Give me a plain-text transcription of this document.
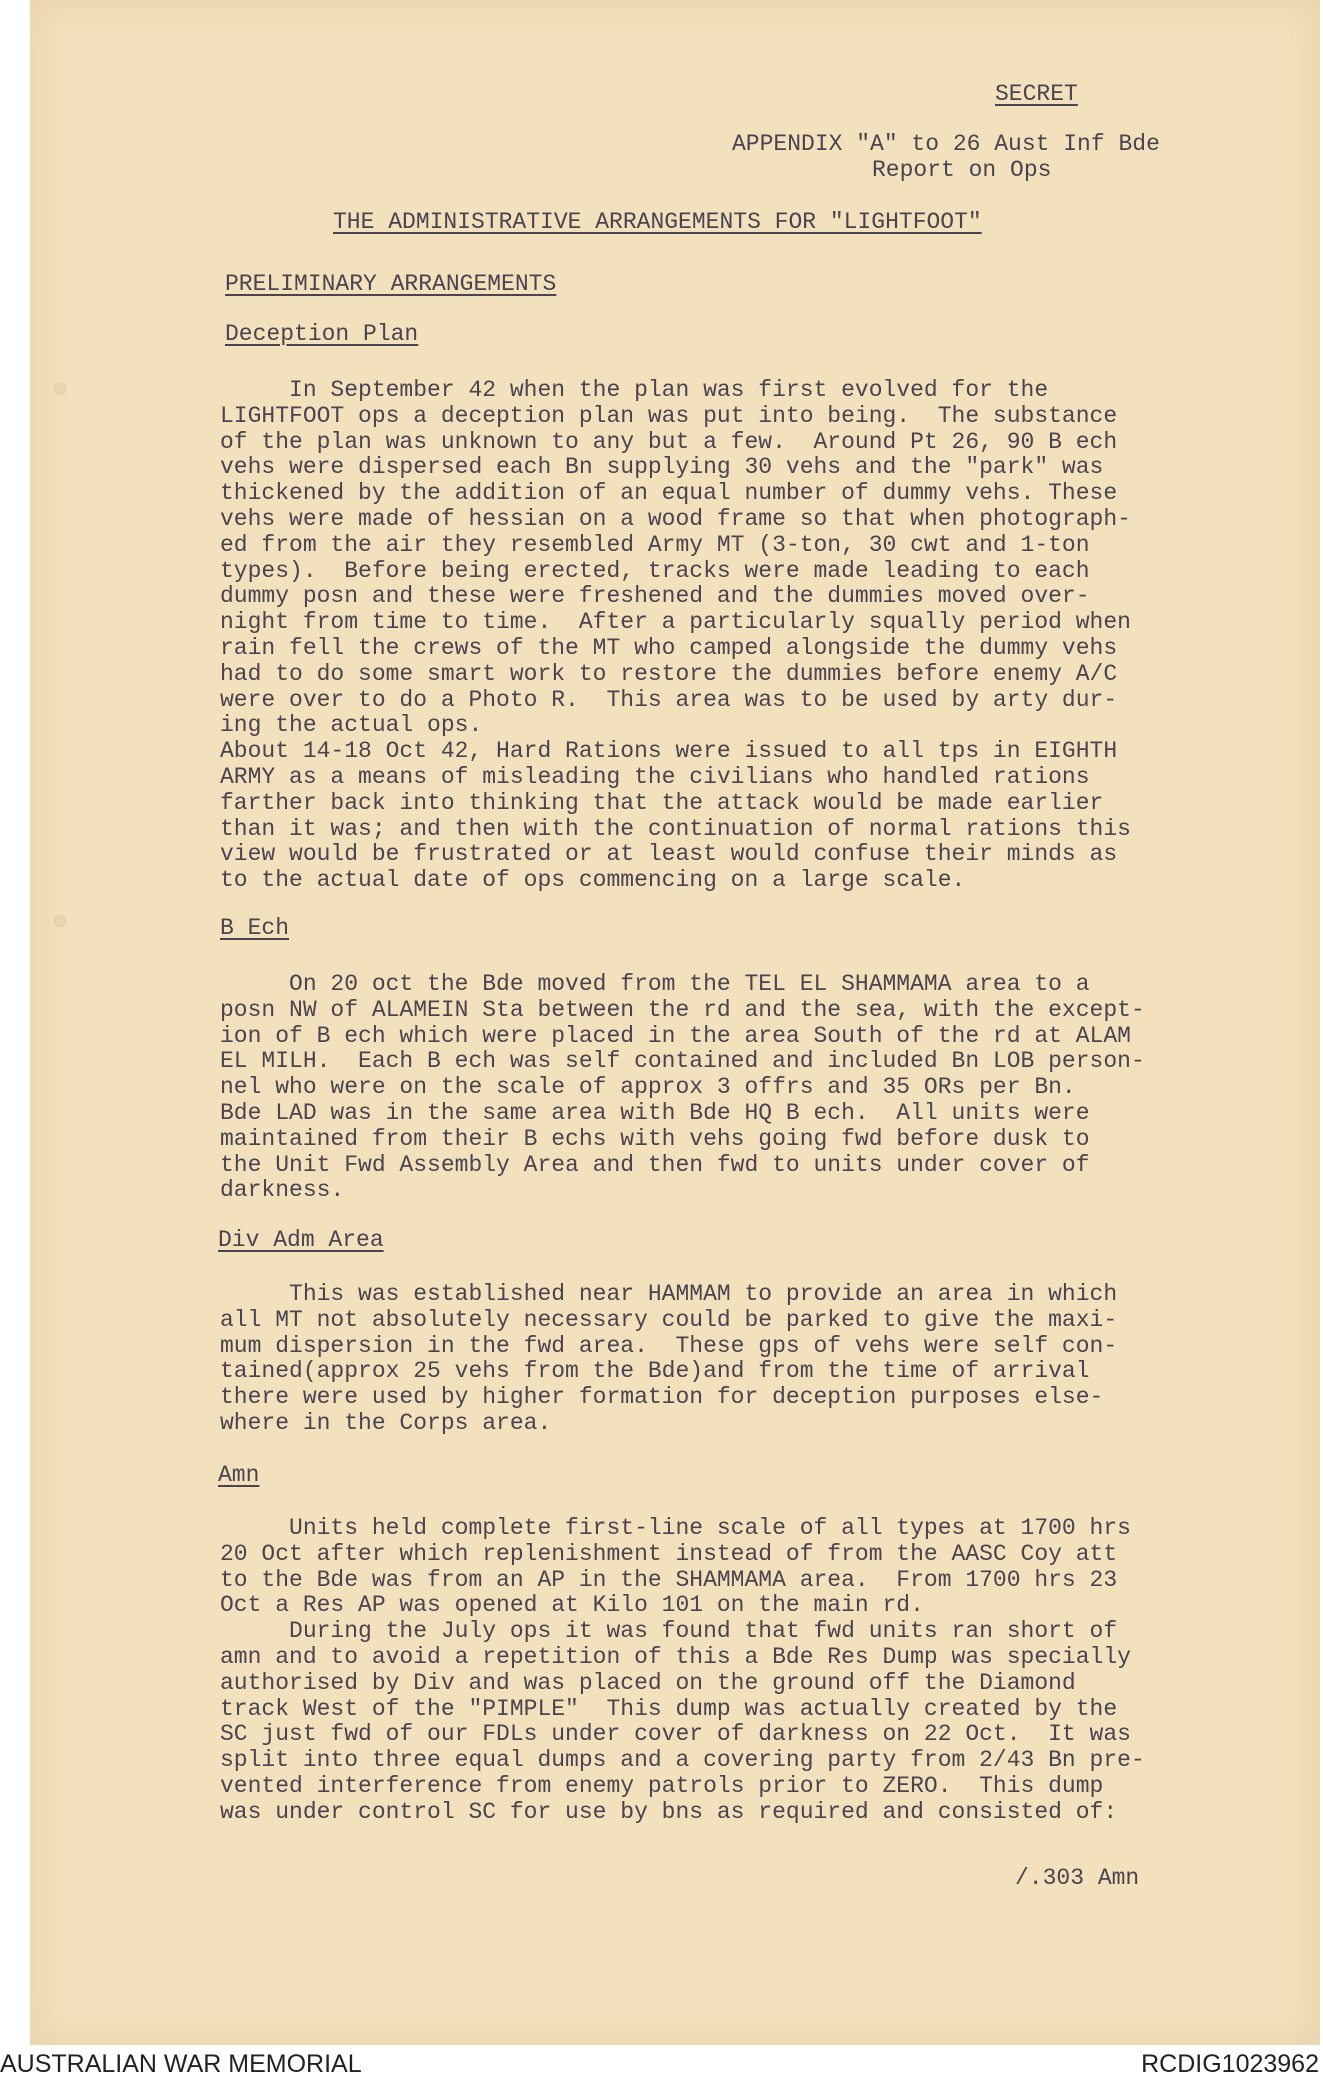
SECRET
APPENDIX "A" to 26 Aust Inf Bde
Report on Ops
THE ADMINISTRATIVE ARRANGEMENTS FOR "LIGHTFOOT"
PRELIMINARY ARRANGEMENTS
Deception Plan
In September 42 when the plan was first evolved for the
LIGHTFOOT ops a deception plan was put into being.  The substance
of the plan was unknown to any but a few.  Around Pt 26, 90 B ech
vehs were dispersed each Bn supplying 30 vehs and the "park" was
thickened by the addition of an equal number of dummy vehs. These
vehs were made of hessian on a wood frame so that when photograph-
ed from the air they resembled Army MT (3-ton, 30 cwt and 1-ton
types).  Before being erected, tracks were made leading to each
dummy posn and these were freshened and the dummies moved over-
night from time to time.  After a particularly squally period when
rain fell the crews of the MT who camped alongside the dummy vehs
had to do some smart work to restore the dummies before enemy A/C
were over to do a Photo R.  This area was to be used by arty dur-
ing the actual ops.
About 14-18 Oct 42, Hard Rations were issued to all tps in EIGHTH
ARMY as a means of misleading the civilians who handled rations
farther back into thinking that the attack would be made earlier
than it was; and then with the continuation of normal rations this
view would be frustrated or at least would confuse their minds as
to the actual date of ops commencing on a large scale.
B Ech
On 20 oct the Bde moved from the TEL EL SHAMMAMA area to a
posn NW of ALAMEIN Sta between the rd and the sea, with the except-
ion of B ech which were placed in the area South of the rd at ALAM
EL MILH.  Each B ech was self contained and included Bn LOB person-
nel who were on the scale of approx 3 offrs and 35 ORs per Bn.
Bde LAD was in the same area with Bde HQ B ech.  All units were
maintained from their B echs with vehs going fwd before dusk to
the Unit Fwd Assembly Area and then fwd to units under cover of
darkness.
Div Adm Area
This was established near HAMMAM to provide an area in which
all MT not absolutely necessary could be parked to give the maxi-
mum dispersion in the fwd area.  These gps of vehs were self con-
tained(approx 25 vehs from the Bde)and from the time of arrival
there were used by higher formation for deception purposes else-
where in the Corps area.
Amn
Units held complete first-line scale of all types at 1700 hrs
20 Oct after which replenishment instead of from the AASC Coy att
to the Bde was from an AP in the SHAMMAMA area.  From 1700 hrs 23
Oct a Res AP was opened at Kilo 101 on the main rd.
During the July ops it was found that fwd units ran short of
amn and to avoid a repetition of this a Bde Res Dump was specially
authorised by Div and was placed on the ground off the Diamond
track West of the "PIMPLE"  This dump was actually created by the
SC just fwd of our FDLs under cover of darkness on 22 Oct.  It was
split into three equal dumps and a covering party from 2/43 Bn pre-
vented interference from enemy patrols prior to ZERO.  This dump
was under control SC for use by bns as required and consisted of:
/.303 Amn
AUSTRALIAN WAR MEMORIAL	RCDIG1023962
